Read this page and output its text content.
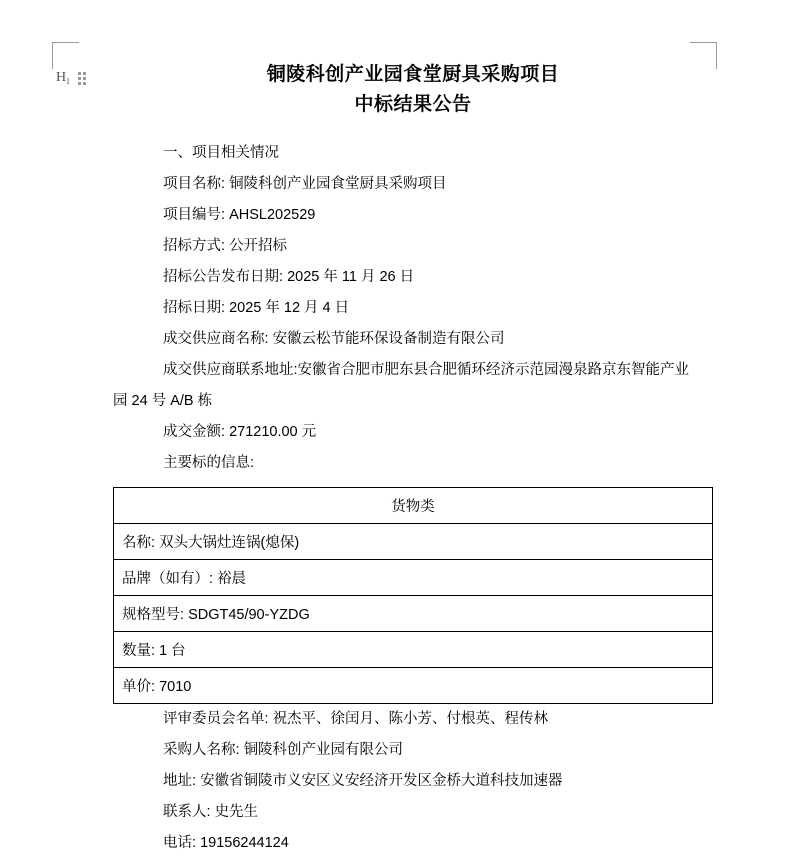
H₁	铜陵科创产业园食堂厨具采购项目
中标结果公告
一、项目相关情况
项目名称: 铜陵科创产业园食堂厨具采购项目
项目编号: AHSL202529
招标方式: 公开招标
招标公告发布日期: 2025 年 11 月 26 日
招标日期: 2025 年 12 月 4 日
成交供应商名称: 安徽云松节能环保设备制造有限公司
成交供应商联系地址:安徽省合肥市肥东县合肥循环经济示范园漫泉路京东智能产业
园 24 号 A/B 栋
成交金额: 271210.00 元
主要标的信息:
货物类
名称: 双头大锅灶连锅(熄保)
品牌（如有）: 裕晨
规格型号: SDGT45/90-YZDG
数量: 1 台
单价: 7010
评审委员会名单: 祝杰平、徐闰月、陈小芳、付根英、程传林
采购人名称: 铜陵科创产业园有限公司
地址: 安徽省铜陵市义安区义安经济开发区金桥大道科技加速器
联系人: 史先生
电话: 19156244124
